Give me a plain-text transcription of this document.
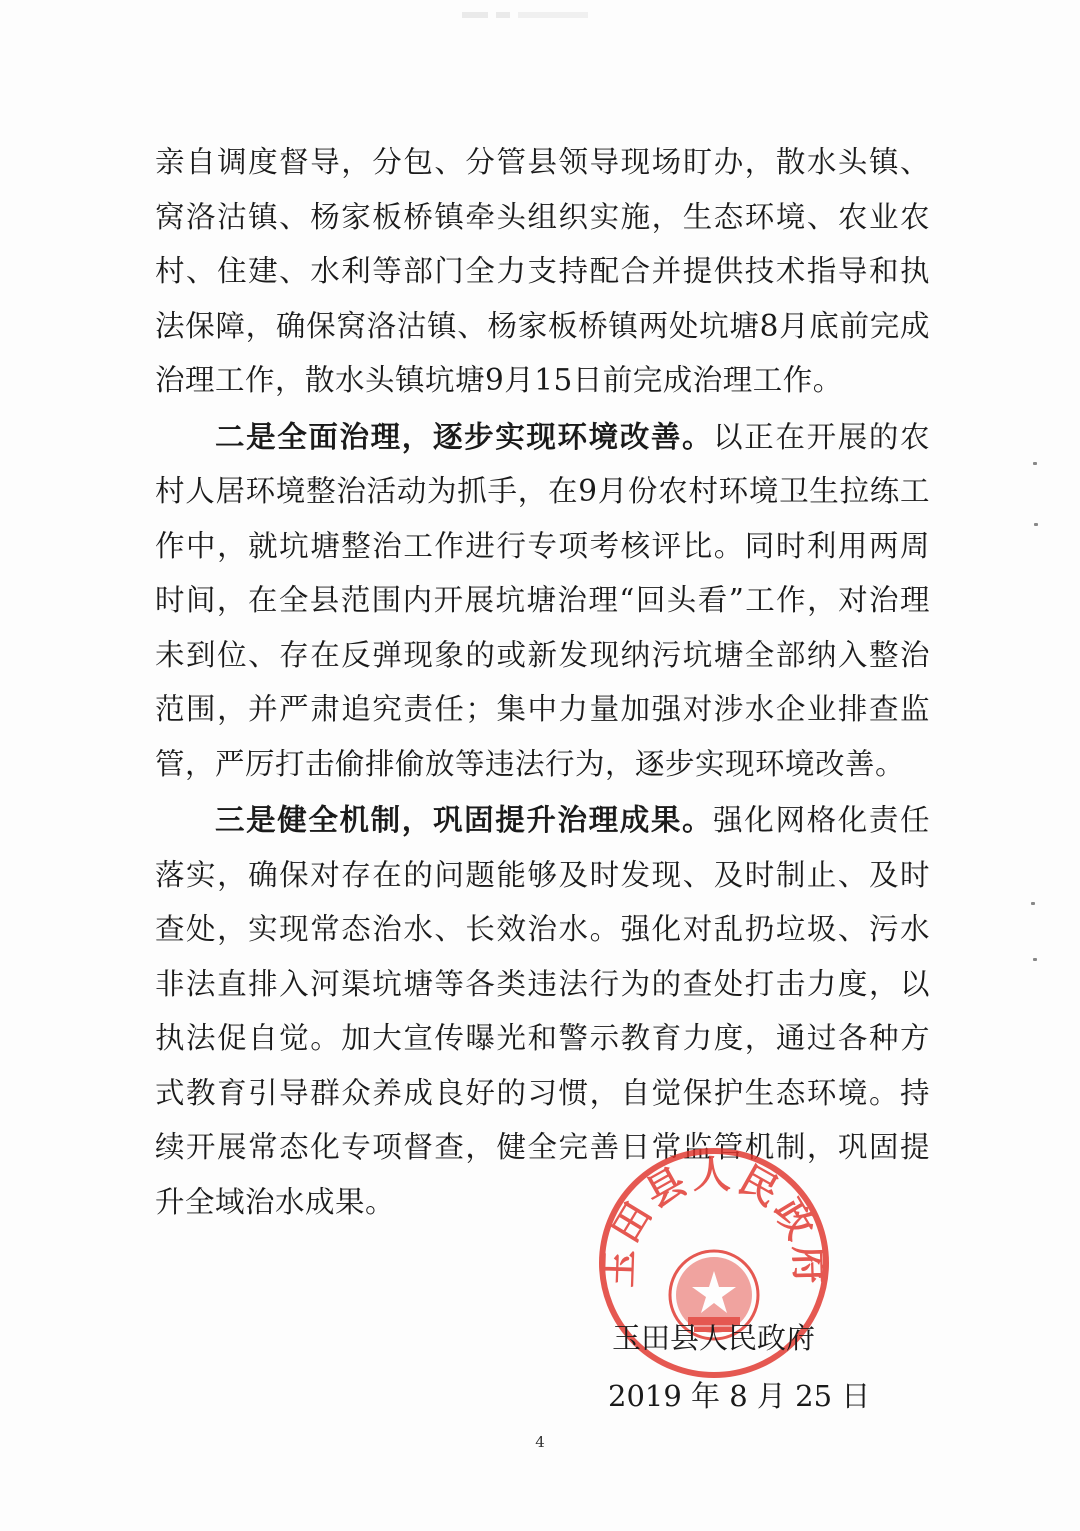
亲自调度督导，分包、分管县领导现场盯办，散水头镇、窝洛沽镇、杨家板桥镇牵头组织实施，生态环境、农业农村、住建、水利等部门全力支持配合并提供技术指导和执法保障，确保窝洛沽镇、杨家板桥镇两处坑塘8月底前完成治理工作，散水头镇坑塘9月15日前完成治理工作。

二是全面治理，逐步实现环境改善。以正在开展的农村人居环境整治活动为抓手，在9月份农村环境卫生拉练工作中，就坑塘整治工作进行专项考核评比。同时利用两周时间，在全县范围内开展坑塘治理“回头看”工作，对治理未到位、存在反弹现象的或新发现纳污坑塘全部纳入整治范围，并严肃追究责任；集中力量加强对涉水企业排查监管，严厉打击偷排偷放等违法行为，逐步实现环境改善。

三是健全机制，巩固提升治理成果。强化网格化责任落实，确保对存在的问题能够及时发现、及时制止、及时查处，实现常态治水、长效治水。强化对乱扔垃圾、污水非法直排入河渠坑塘等各类违法行为的查处打击力度，以执法促自觉。加大宣传曝光和警示教育力度，通过各种方式教育引导群众养成良好的习惯，自觉保护生态环境。持续开展常态化专项督查，健全完善日常监管机制，巩固提升全域治水成果。

玉田县人民政府
玉田县人民政府
2019 年 8 月 25 日
4
